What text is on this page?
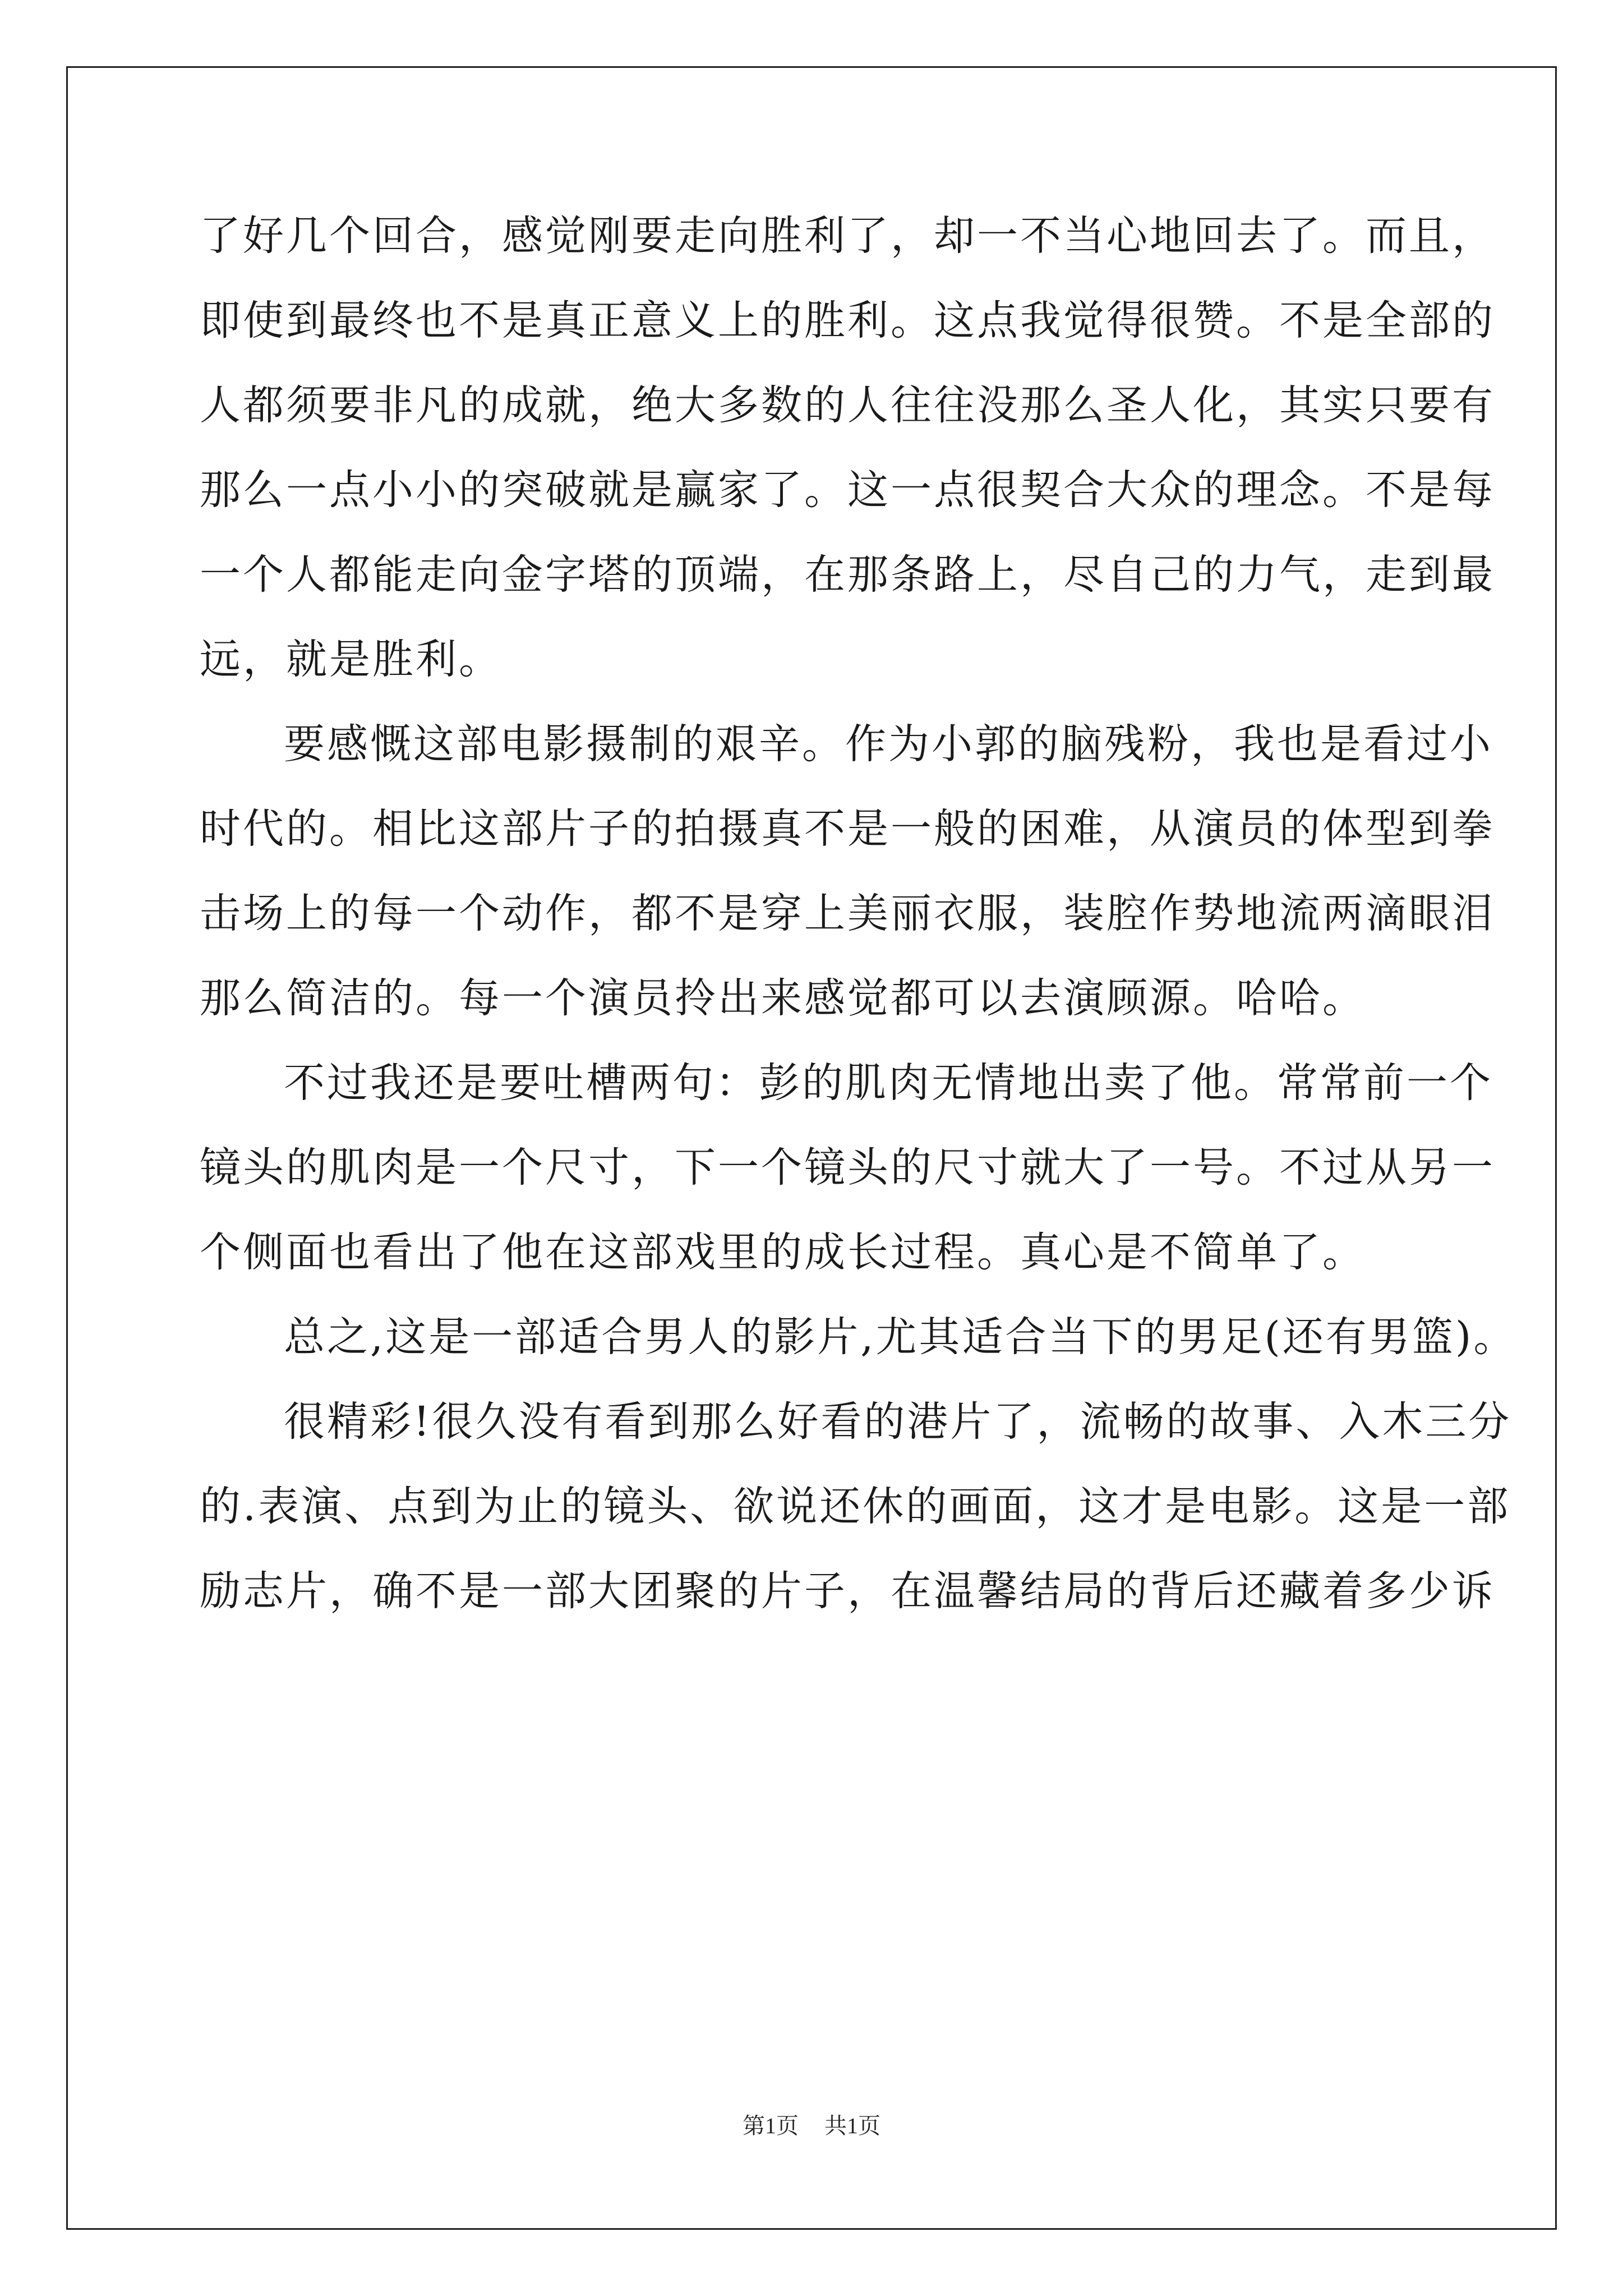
了好几个回合，感觉刚要走向胜利了，却一不当心地回去了。而且，
即使到最终也不是真正意义上的胜利。这点我觉得很赞。不是全部的
人都须要非凡的成就，绝大多数的人往往没那么圣人化，其实只要有
那么一点小小的突破就是赢家了。这一点很契合大众的理念。不是每
一个人都能走向金字塔的顶端，在那条路上，尽自己的力气，走到最
远，就是胜利。
要感慨这部电影摄制的艰辛。作为小郭的脑残粉，我也是看过小
时代的。相比这部片子的拍摄真不是一般的困难，从演员的体型到拳
击场上的每一个动作，都不是穿上美丽衣服，装腔作势地流两滴眼泪
那么简洁的。每一个演员拎出来感觉都可以去演顾源。哈哈。
不过我还是要吐槽两句：彭的肌肉无情地出卖了他。常常前一个
镜头的肌肉是一个尺寸，下一个镜头的尺寸就大了一号。不过从另一
个侧面也看出了他在这部戏里的成长过程。真心是不简单了。
总之,这是一部适合男人的影片,尤其适合当下的男足(还有男篮)。
很精彩!很久没有看到那么好看的港片了，流畅的故事、入木三分
的.表演、点到为止的镜头、欲说还休的画面，这才是电影。这是一部
励志片，确不是一部大团聚的片子，在温馨结局的背后还藏着多少诉
第1页 共1页
